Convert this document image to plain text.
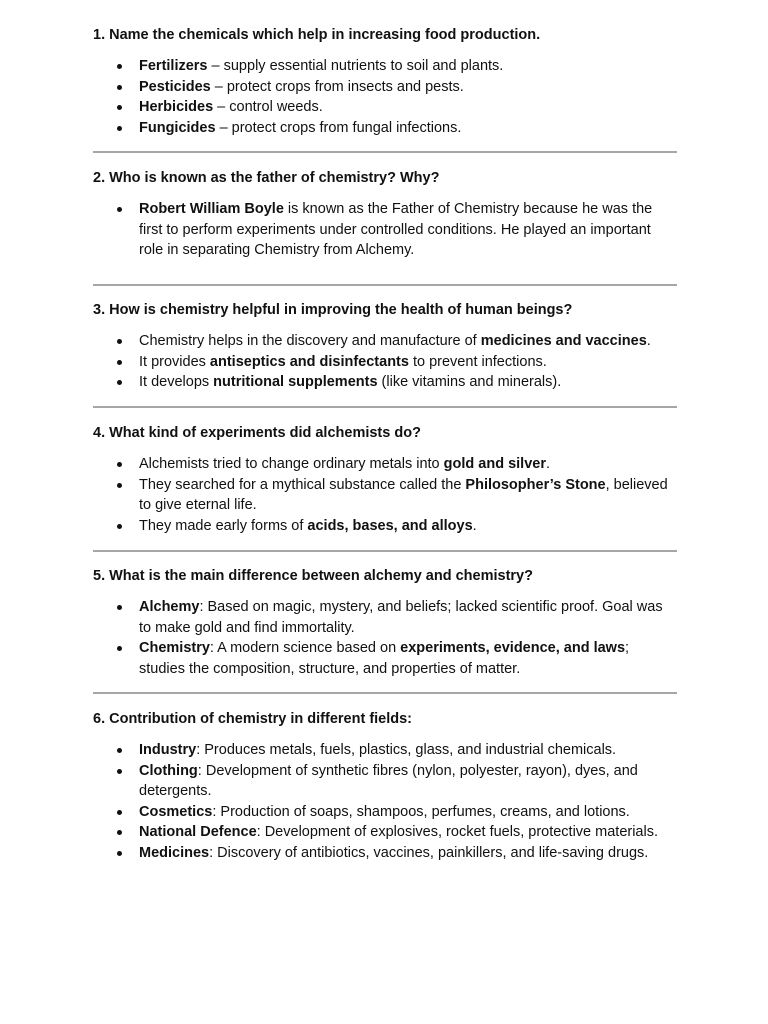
1. Name the chemicals which help in increasing food production.

Fertilizers – supply essential nutrients to soil and plants.
Pesticides – protect crops from insects and pests.
Herbicides – control weeds.
Fungicides – protect crops from fungal infections.

2. Who is known as the father of chemistry? Why?

Robert William Boyle is known as the Father of Chemistry because he was the first to perform experiments under controlled conditions. He played an important role in separating Chemistry from Alchemy.

3. How is chemistry helpful in improving the health of human beings?

Chemistry helps in the discovery and manufacture of medicines and vaccines.
It provides antiseptics and disinfectants to prevent infections.
It develops nutritional supplements (like vitamins and minerals).

4. What kind of experiments did alchemists do?

Alchemists tried to change ordinary metals into gold and silver.
They searched for a mythical substance called the Philosopher’s Stone, believed to give eternal life.
They made early forms of acids, bases, and alloys.

5. What is the main difference between alchemy and chemistry?

Alchemy: Based on magic, mystery, and beliefs; lacked scientific proof. Goal was to make gold and find immortality.
Chemistry: A modern science based on experiments, evidence, and laws; studies the composition, structure, and properties of matter.

6. Contribution of chemistry in different fields:

Industry: Produces metals, fuels, plastics, glass, and industrial chemicals.
Clothing: Development of synthetic fibres (nylon, polyester, rayon), dyes, and detergents.
Cosmetics: Production of soaps, shampoos, perfumes, creams, and lotions.
National Defence: Development of explosives, rocket fuels, protective materials.
Medicines: Discovery of antibiotics, vaccines, painkillers, and life-saving drugs.
